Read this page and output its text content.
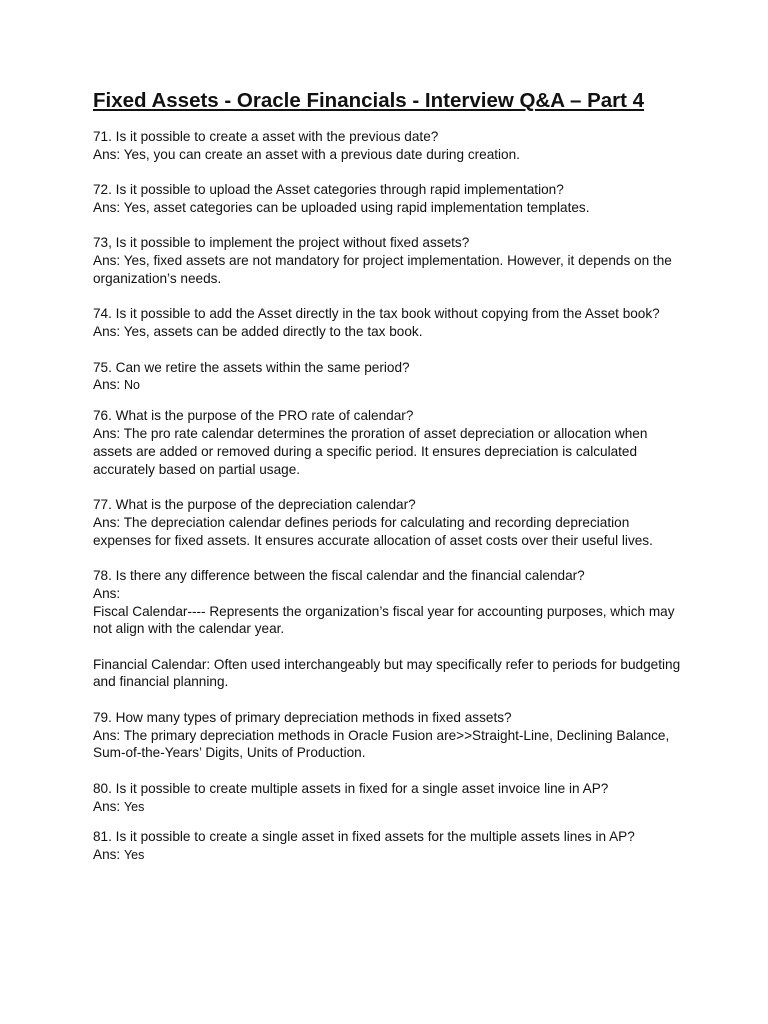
Fixed Assets - Oracle Financials - Interview Q&A – Part 4
71. Is it possible to create a asset with the previous date?
Ans: Yes, you can create an asset with a previous date during creation.
72. Is it possible to upload the Asset categories through rapid implementation?
Ans: Yes, asset categories can be uploaded using rapid implementation templates.
73, Is it possible to implement the project without fixed assets?
Ans: Yes, fixed assets are not mandatory for project implementation. However, it depends on the organization’s needs.
74. Is it possible to add the Asset directly in the tax book without copying from the Asset book?
Ans: Yes, assets can be added directly to the tax book.
75. Can we retire the assets within the same period?
Ans: No
76. What is the purpose of the PRO rate of calendar?
Ans: The pro rate calendar determines the proration of asset depreciation or allocation when assets are added or removed during a specific period. It ensures depreciation is calculated accurately based on partial usage.
77. What is the purpose of the depreciation calendar?
Ans: The depreciation calendar defines periods for calculating and recording depreciation expenses for fixed assets. It ensures accurate allocation of asset costs over their useful lives.
78. Is there any difference between the fiscal calendar and the financial calendar?
Ans:
Fiscal Calendar---- Represents the organization’s fiscal year for accounting purposes, which may not align with the calendar year.
Financial Calendar: Often used interchangeably but may specifically refer to periods for budgeting and financial planning.
79. How many types of primary depreciation methods in fixed assets?
Ans: The primary depreciation methods in Oracle Fusion are>>Straight-Line, Declining Balance, Sum-of-the-Years’ Digits, Units of Production.
80. Is it possible to create multiple assets in fixed for a single asset invoice line in AP?
Ans: Yes
81. Is it possible to create a single asset in fixed assets for the multiple assets lines in AP?
Ans: Yes
